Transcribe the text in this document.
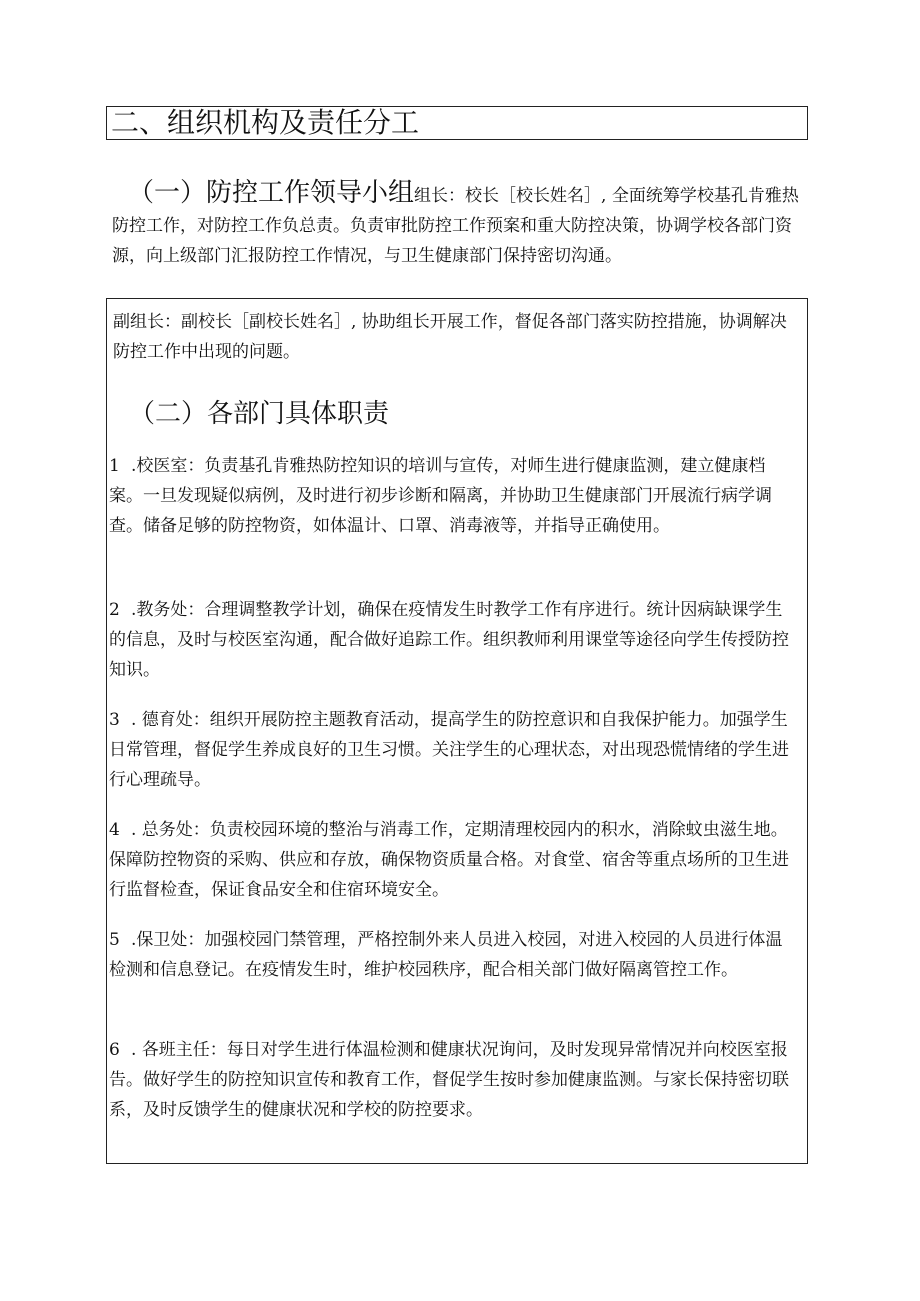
二、组织机构及责任分工
（一）防控工作领导小组组长：校长［校长姓名］, 全面统筹学校基孔肯雅热防控工作，对防控工作负总责。负责审批防控工作预案和重大防控决策，协调学校各部门资源，向上级部门汇报防控工作情况，与卫生健康部门保持密切沟通。
副组长：副校长［副校长姓名］, 协助组长开展工作，督促各部门落实防控措施，协调解决防控工作中出现的问题。
（二）各部门具体职责
1 .校医室：负责基孔肯雅热防控知识的培训与宣传，对师生进行健康监测，建立健康档案。一旦发现疑似病例，及时进行初步诊断和隔离，并协助卫生健康部门开展流行病学调查。储备足够的防控物资，如体温计、口罩、消毒液等，并指导正确使用。
2 .教务处：合理调整教学计划，确保在疫情发生时教学工作有序进行。统计因病缺课学生的信息，及时与校医室沟通，配合做好追踪工作。组织教师利用课堂等途径向学生传授防控知识。
3 . 德育处：组织开展防控主题教育活动，提高学生的防控意识和自我保护能力。加强学生日常管理，督促学生养成良好的卫生习惯。关注学生的心理状态，对出现恐慌情绪的学生进行心理疏导。
4 . 总务处：负责校园环境的整治与消毒工作，定期清理校园内的积水，消除蚊虫滋生地。保障防控物资的采购、供应和存放，确保物资质量合格。对食堂、宿舍等重点场所的卫生进行监督检查，保证食品安全和住宿环境安全。
5 .保卫处：加强校园门禁管理，严格控制外来人员进入校园，对进入校园的人员进行体温检测和信息登记。在疫情发生时，维护校园秩序，配合相关部门做好隔离管控工作。
6 . 各班主任：每日对学生进行体温检测和健康状况询问，及时发现异常情况并向校医室报告。做好学生的防控知识宣传和教育工作，督促学生按时参加健康监测。与家长保持密切联系，及时反馈学生的健康状况和学校的防控要求。
